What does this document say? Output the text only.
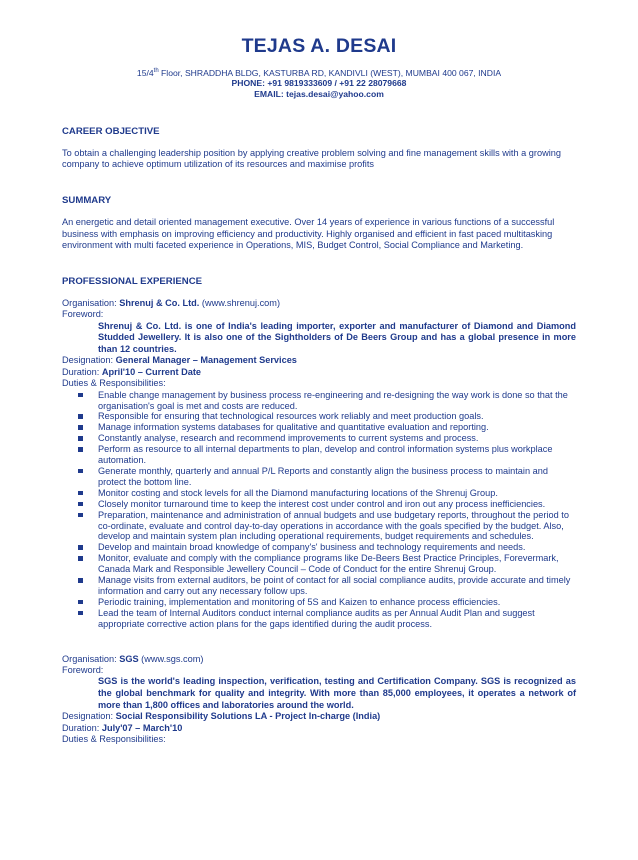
TEJAS A. DESAI
15/4th Floor, SHRADDHA BLDG, KASTURBA RD, KANDIVLI (WEST), MUMBAI 400 067, INDIA
PHONE: +91 9819333609 / +91 22 28079668
EMAIL: tejas.desai@yahoo.com
CAREER OBJECTIVE
To obtain a challenging leadership position by applying creative problem solving and fine management skills with a growing company to achieve optimum utilization of its resources and maximise profits
SUMMARY
An energetic and detail oriented management executive. Over 14 years of experience in various functions of a successful business with emphasis on improving efficiency and productivity. Highly organised and efficient in fast paced multitasking environment with multi faceted experience in Operations, MIS, Budget Control, Social Compliance and Marketing.
PROFESSIONAL EXPERIENCE
Organisation: Shrenuj & Co. Ltd. (www.shrenuj.com)
Foreword:
Shrenuj & Co. Ltd. is one of India's leading importer, exporter and manufacturer of Diamond and Diamond Studded Jewellery. It is also one of the Sightholders of De Beers Group and has a global presence in more than 12 countries.
Designation: General Manager – Management Services
Duration: April'10 – Current Date
Duties & Responsibilities:
Enable change management by business process re-engineering and re-designing the way work is done so that the organisation's goal is met and costs are reduced.
Responsible for ensuring that technological resources work reliably and meet production goals.
Manage information systems databases for qualitative and quantitative evaluation and reporting.
Constantly analyse, research and recommend improvements to current systems and process.
Perform as resource to all internal departments to plan, develop and control information systems plus workplace automation.
Generate monthly, quarterly and annual P/L Reports and constantly align the business process to maintain and protect the bottom line.
Monitor costing and stock levels for all the Diamond manufacturing locations of the Shrenuj Group.
Closely monitor turnaround time to keep the interest cost under control and iron out any process inefficiencies.
Preparation, maintenance and administration of annual budgets and use budgetary reports, throughout the period to co-ordinate, evaluate and control day-to-day operations in accordance with the goals specified by the budget. Also, develop and maintain system plan including operational requirements, budget requirements and schedules.
Develop and maintain broad knowledge of company's' business and technology requirements and needs.
Monitor, evaluate and comply with the compliance programs like De-Beers Best Practice Principles, Forevermark, Canada Mark and Responsible Jewellery Council – Code of Conduct for the entire Shrenuj Group.
Manage visits from external auditors, be point of contact for all social compliance audits, provide accurate and timely information and carry out any necessary follow ups.
Periodic training, implementation and monitoring of 5S and Kaizen to enhance process efficiencies.
Lead the team of Internal Auditors conduct internal compliance audits as per Annual Audit Plan and suggest appropriate corrective action plans for the gaps identified during the audit process.
Organisation: SGS (www.sgs.com)
Foreword:
SGS is the world's leading inspection, verification, testing and Certification Company. SGS is recognized as the global benchmark for quality and integrity. With more than 85,000 employees, it operates a network of more than 1,800 offices and laboratories around the world.
Designation: Social Responsibility Solutions LA - Project In-charge (India)
Duration: July'07 – March'10
Duties & Responsibilities:
